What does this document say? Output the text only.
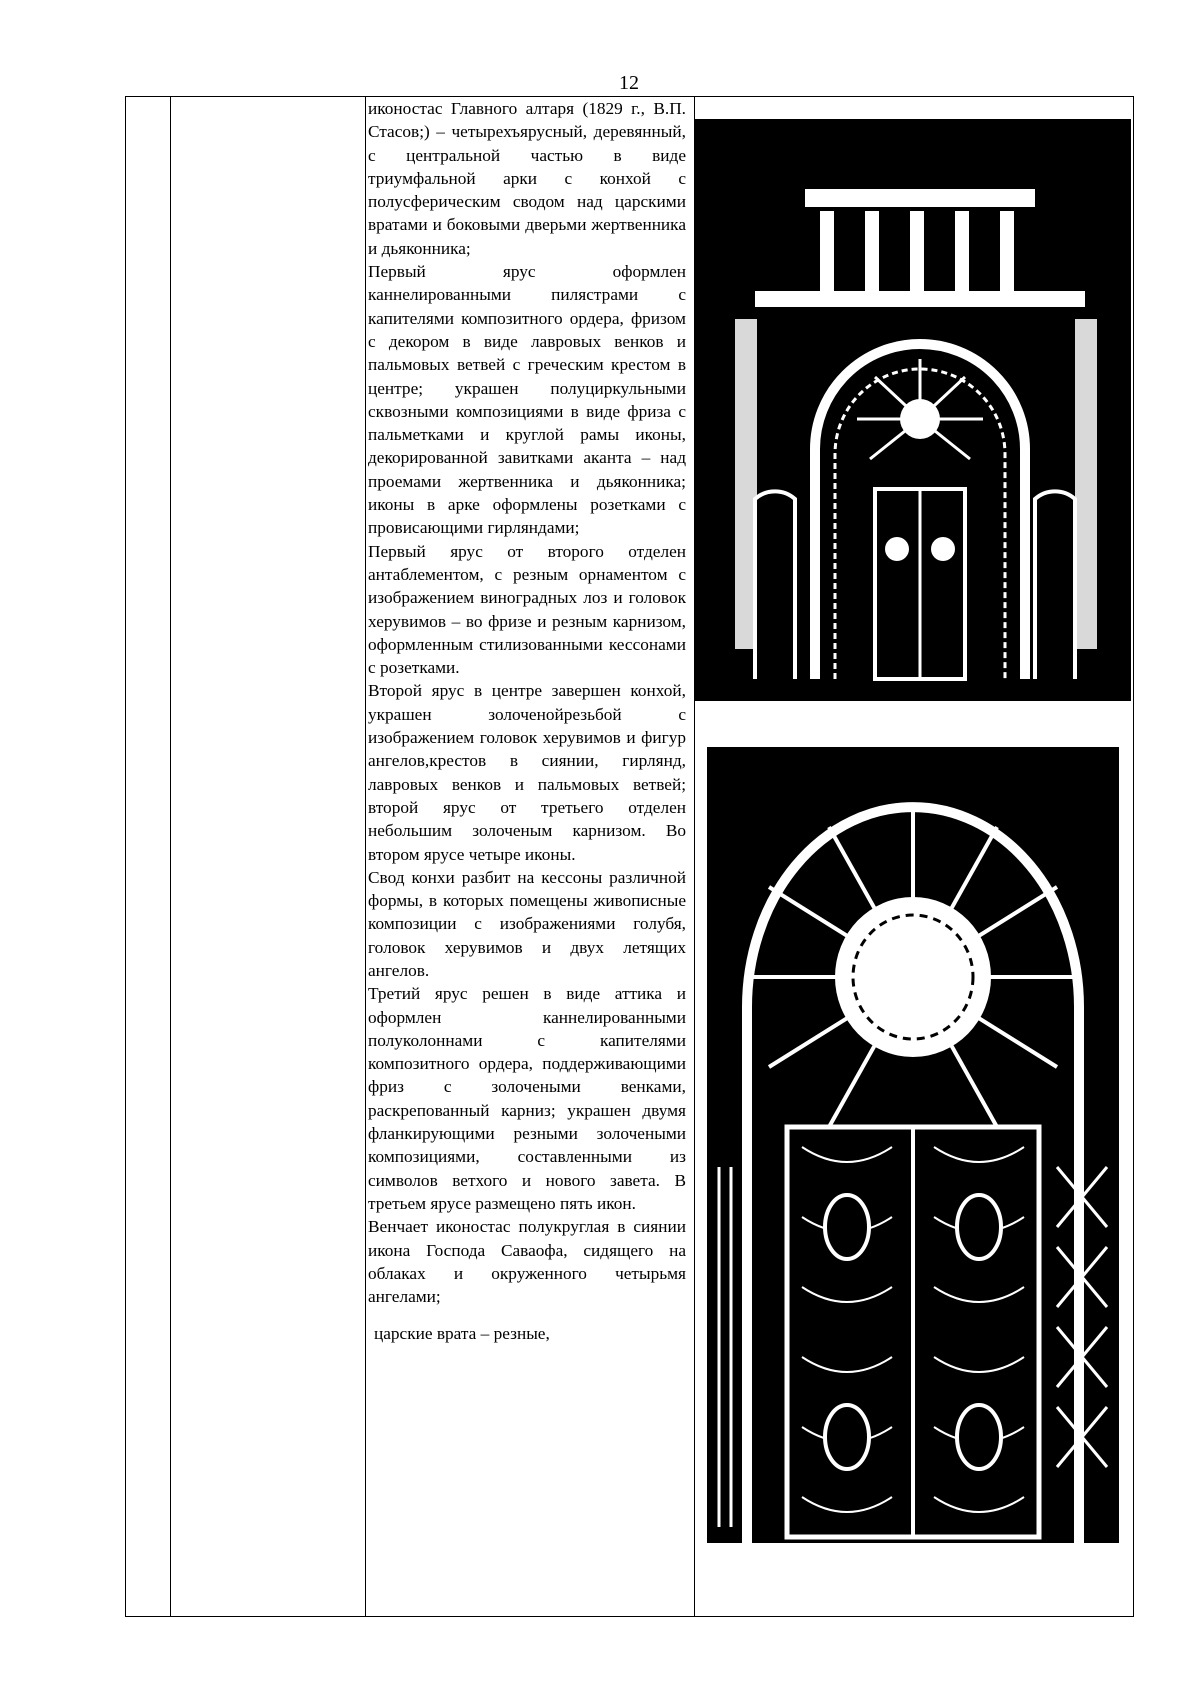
12

иконостас Главного алтаря (1829 г., В.П. Стасов;) – четырехъярусный, деревянный, с центральной частью в виде триумфальной арки с конхой с полусферическим сводом над царскими вратами и боковыми дверьми жертвенника и дьяконника;

Первый ярус оформлен каннелированными пилястрами с капителями композитного ордера, фризом с декором в виде лавровых венков и пальмовых ветвей с греческим крестом в центре; украшен полуциркульными сквозными композициями в виде фриза с пальметками и круглой рамы иконы, декорированной завитками аканта – над проемами жертвенника и дьяконника; иконы в арке оформлены розетками с провисающими гирляндами;

Первый ярус от второго отделен антаблементом, с резным орнаментом с изображением виноградных лоз и головок херувимов – во фризе и резным карнизом, оформленным стилизованными кессонами с розетками.

Второй ярус в центре завершен конхой, украшен золоченойрезьбой с изображением головок херувимов и фигур ангелов,крестов в сиянии, гирлянд, лавровых венков и пальмовых ветвей; второй ярус от третьего отделен небольшим золоченым карнизом. Во втором ярусе четыре иконы.

Свод конхи разбит на кессоны различной формы, в которых помещены живописные композиции с изображениями голубя, головок херувимов и двух летящих ангелов.

Третий ярус решен в виде аттика и оформлен каннелированными полуколоннами с капителями композитного ордера, поддерживающими фриз с золочеными венками, раскрепованный карниз; украшен двумя фланкирующими резными золочеными композициями, составленными из символов ветхого и нового завета. В третьем ярусе размещено пять икон.

Венчает иконостас полукруглая в сиянии икона Господа Саваофа, сидящего на облаках и окруженного четырьмя ангелами;

царские врата – резные,
